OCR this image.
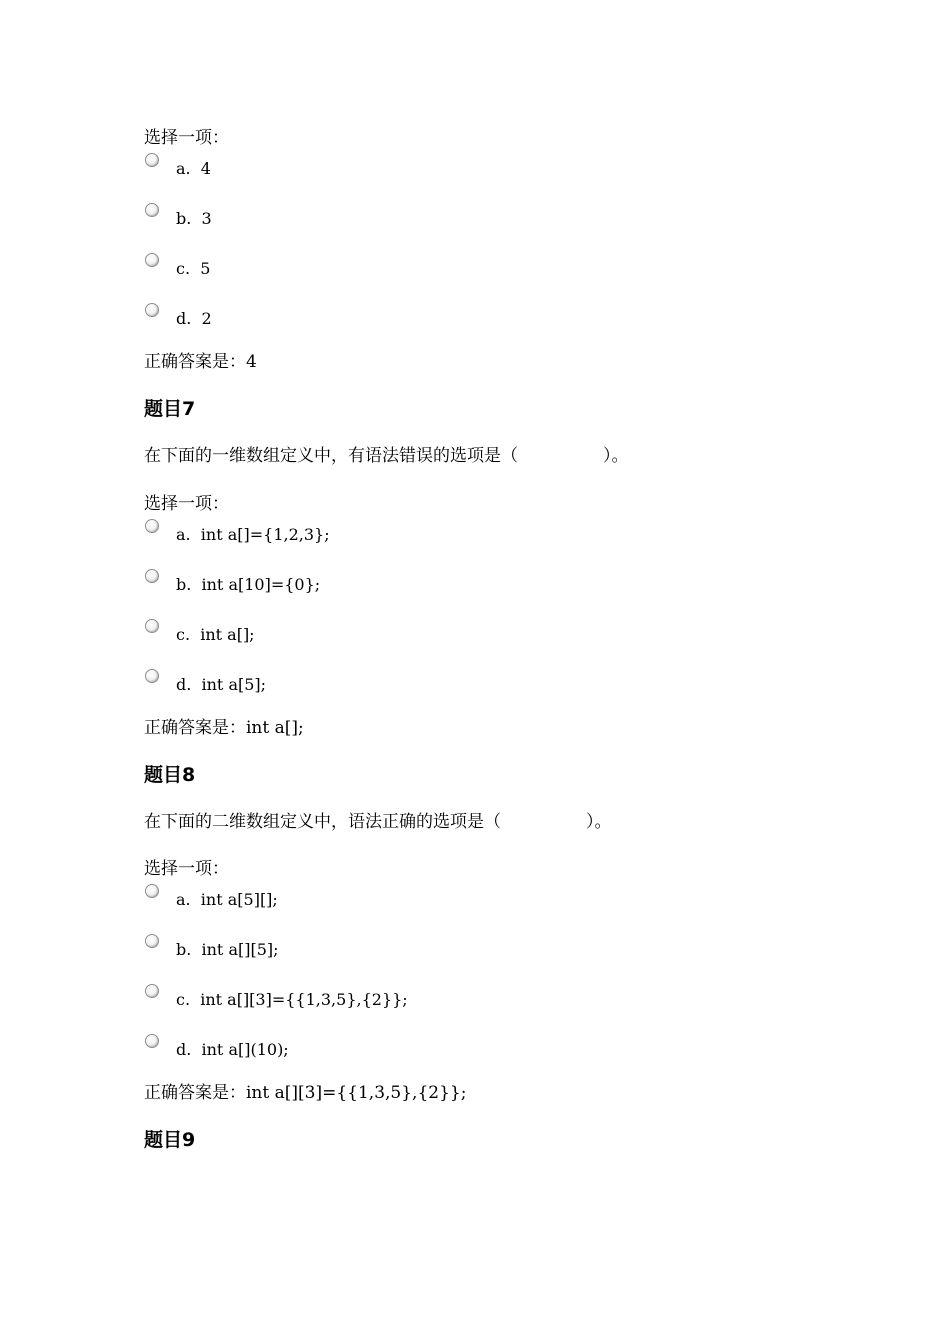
选择一项：
a. 4
b. 3
c. 5
d. 2
正确答案是：4
题目7
在下面的一维数组定义中，有语法错误的选项是（　　　　　）。
选择一项：
a. int a[]={1,2,3};
b. int a[10]={0};
c. int a[];
d. int a[5];
正确答案是：int a[];
题目8
在下面的二维数组定义中，语法正确的选项是（　　　　　）。
选择一项：
a. int a[5][];
b. int a[][5];
c. int a[][3]={{1,3,5},{2}};
d. int a[](10);
正确答案是：int a[][3]={{1,3,5},{2}};
题目9
